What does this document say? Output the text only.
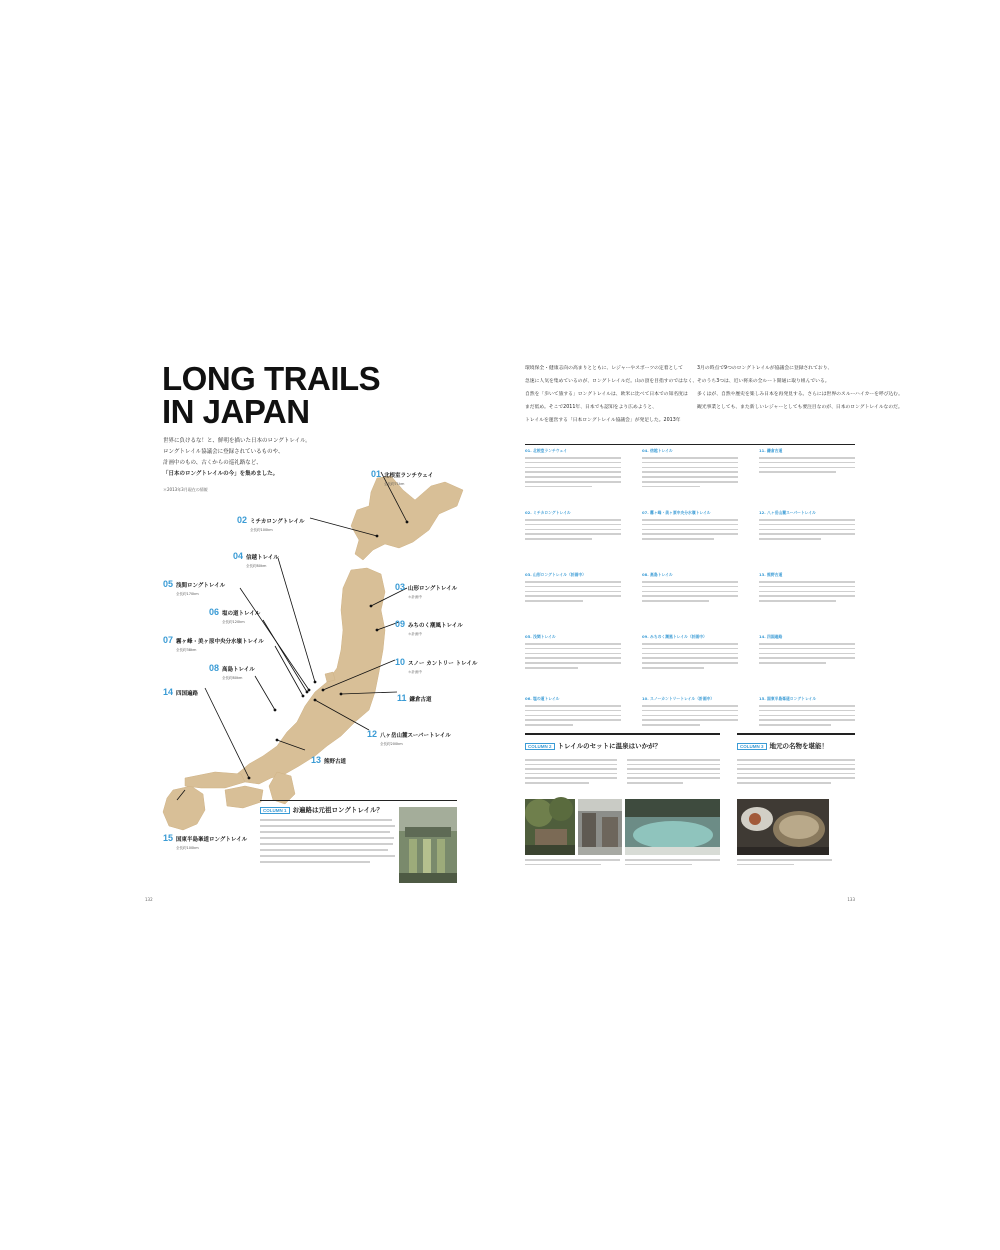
LONG TRAILS
IN JAPAN

世界に負けるな！と、鮮明を描いた日本のロングトレイル。

ロングトレイル協議会に登録されているものや、

計画中のもの、古くからの巡礼路など、

「日本のロングトレイルの今」を集めました。

＊2013年3月現在の情報

01 北根室ランチウェイ
全長約71km
02 ミチカロングトレイル
全長約100km
03 山形ロングトレイル
＊計画中
04 信越トレイル
全長約80km
05 浅間ロングトレイル
全長約170km
06 塩の道トレイル
全長約120km
07 霧ヶ峰・美ヶ原中央分水嶺トレイル
全長約38km
08 高島トレイル
全長約80km
09 みちのく潮風トレイル
＊計画中
10 スノー カントリー トレイル
＊計画中
11 鎌倉古道
12 八ヶ岳山麓スーパートレイル
全長約200km
13 熊野古道
14 四国遍路
15 国東半島峯道ロングトレイル
全長約100km
COLUMN 1 お遍路は元祖ロングトレイル？
132
環境保全・健康志向の高まりとともに、レジャーやスポーツの定着として
急速に人気を集めているのが、ロングトレイルだ。山の頂を目指すのではなく、
自然を「歩いて旅する」ロングトレイルは、欧米に比べて日本での知名度は
まだ低め。そこで2011年、日本でも認知をより広めようと、
トレイルを運営する「日本ロングトレイル協議会」が発足した。2013年
3月の時点で9つのロングトレイルが協議会に登録されており、
そのうち3つは、近い将来の全ルート開通に取り組んでいる。
多くはが、自然や歴史を楽しみ日本を再発見する。さらには世界のスルーハイカーを呼び込む。
観光事業としても、また新しいレジャーとしても要注目なのが、日本のロングトレイルなのだ。
01. 北根室ランチウェイ	04. 信越トレイル	11. 鎌倉古道
02. ミチカロングトレイル	07. 霧ヶ峰・美ヶ原中央分水嶺トレイル	12. 八ヶ岳山麓スーパートレイル
03. 山形ロングトレイル（計画中）	08. 高島トレイル	13. 熊野古道
05. 浅間トレイル	09. みちのく潮風トレイル（計画中）	14. 四国遍路
06. 塩の道トレイル	10. スノーカントリートレイル（計画中）	15. 国東半島峯道ロングトレイル
COLUMN 2 トレイルのセットに温泉はいかが？	COLUMN 3 地元の名物を堪能！
133
